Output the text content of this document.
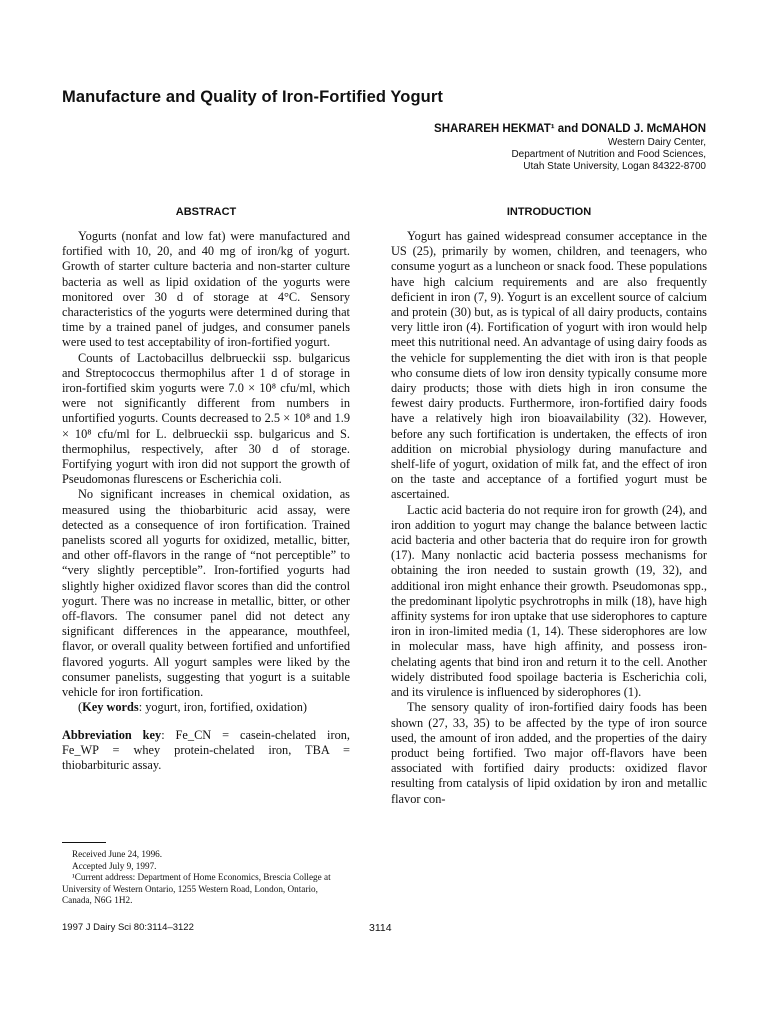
Manufacture and Quality of Iron-Fortified Yogurt
SHARAREH HEKMAT¹ and DONALD J. McMAHON
Western Dairy Center,
Department of Nutrition and Food Sciences,
Utah State University, Logan 84322-8700
ABSTRACT

Yogurts (nonfat and low fat) were manufactured and fortified with 10, 20, and 40 mg of iron/kg of yogurt. Growth of starter culture bacteria and non-starter culture bacteria as well as lipid oxidation of the yogurts were monitored over 30 d of storage at 4°C. Sensory characteristics of the yogurts were determined during that time by a trained panel of judges, and consumer panels were used to test acceptability of iron-fortified yogurt.

Counts of Lactobacillus delbrueckii ssp. bulgaricus and Streptococcus thermophilus after 1 d of storage in iron-fortified skim yogurts were 7.0 × 10⁸ cfu/ml, which were not significantly different from numbers in unfortified yogurts. Counts decreased to 2.5 × 10⁸ and 1.9 × 10⁸ cfu/ml for L. delbrueckii ssp. bulgaricus and S. thermophilus, respectively, after 30 d of storage. Fortifying yogurt with iron did not support the growth of Pseudomonas flurescens or Escherichia coli.

No significant increases in chemical oxidation, as measured using the thiobarbituric acid assay, were detected as a consequence of iron fortification. Trained panelists scored all yogurts for oxidized, metallic, bitter, and other off-flavors in the range of “not perceptible” to “very slightly perceptible”. Iron-fortified yogurts had slightly higher oxidized flavor scores than did the control yogurt. There was no increase in metallic, bitter, or other off-flavors. The consumer panel did not detect any significant differences in the appearance, mouthfeel, flavor, or overall quality between fortified and unfortified flavored yogurts. All yogurt samples were liked by the consumer panelists, suggesting that yogurt is a suitable vehicle for iron fortification.

(Key words: yogurt, iron, fortified, oxidation)

Abbreviation key: Fe_CN = casein-chelated iron, Fe_WP = whey protein-chelated iron, TBA = thiobarbituric assay.

INTRODUCTION

Yogurt has gained widespread consumer acceptance in the US (25), primarily by women, children, and teenagers, who consume yogurt as a luncheon or snack food. These populations have high calcium requirements and are also frequently deficient in iron (7, 9). Yogurt is an excellent source of calcium and protein (30) but, as is typical of all dairy products, contains very little iron (4). Fortification of yogurt with iron would help meet this nutritional need. An advantage of using dairy foods as the vehicle for supplementing the diet with iron is that people who consume diets of low iron density typically consume more dairy products; those with diets high in iron consume the fewest dairy products. Furthermore, iron-fortified dairy foods have a relatively high iron bioavailability (32). However, before any such fortification is undertaken, the effects of iron addition on microbial physiology during manufacture and shelf-life of yogurt, oxidation of milk fat, and the effect of iron on the taste and acceptance of a fortified yogurt must be ascertained.

Lactic acid bacteria do not require iron for growth (24), and iron addition to yogurt may change the balance between lactic acid bacteria and other bacteria that do require iron for growth (17). Many nonlactic acid bacteria possess mechanisms for obtaining the iron needed to sustain growth (19, 32), and additional iron might enhance their growth. Pseudomonas spp., the predominant lipolytic psychrotrophs in milk (18), have high affinity systems for iron uptake that use siderophores to capture iron in iron-limited media (1, 14). These siderophores are low in molecular mass, have high affinity, and possess iron-chelating agents that bind iron and return it to the cell. Another widely distributed food spoilage bacteria is Escherichia coli, and its virulence is influenced by siderophores (1).

The sensory quality of iron-fortified dairy foods has been shown (27, 33, 35) to be affected by the type of iron source used, the amount of iron added, and the properties of the dairy product being fortified. Two major off-flavors have been associated with fortified dairy products: oxidized flavor resulting from catalysis of lipid oxidation by iron and metallic flavor con-

Received June 24, 1996.
Accepted July 9, 1997.
¹Current address: Department of Home Economics, Brescia College at University of Western Ontario, 1255 Western Road, London, Ontario, Canada, N6G 1H2.
1997 J Dairy Sci 80:3114–3122	3114
